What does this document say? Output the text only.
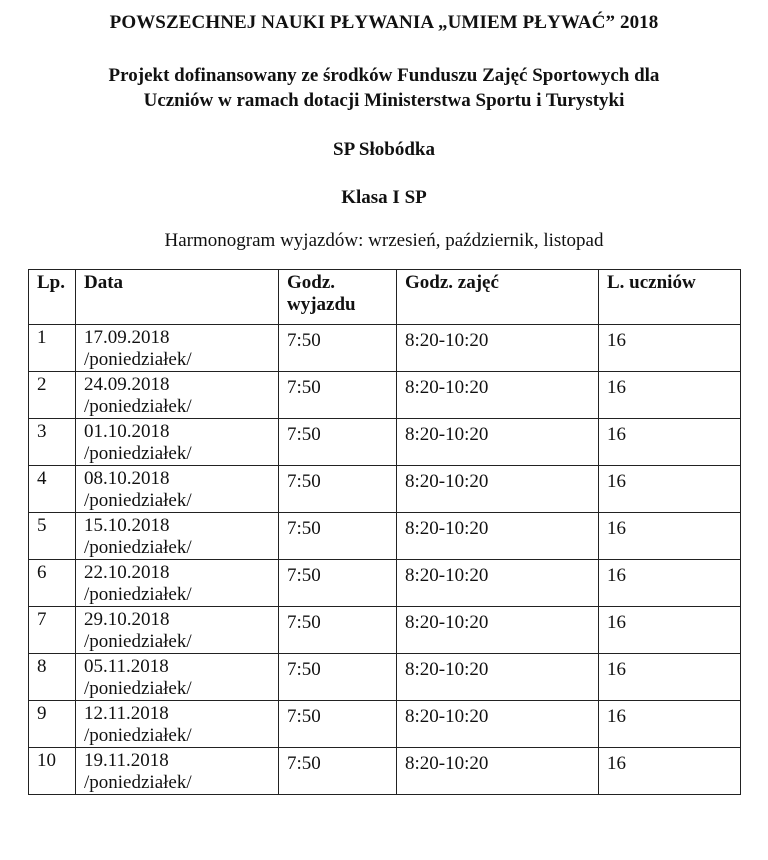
POWSZECHNEJ NAUKI PŁYWANIA „UMIEM PŁYWAĆ” 2018
Projekt dofinansowany ze środków Funduszu Zajęć Sportowych dla
Uczniów w ramach dotacji Ministerstwa Sportu i Turystyki
SP Słobódka
Klasa I SP
Harmonogram wyjazdów: wrzesień, październik, listopad
Lp.	Data	Godz. wyjazdu	Godz. zajęć	L. uczniów
1	17.09.2018 /poniedziałek/	7:50	8:20-10:20	16

2	24.09.2018 /poniedziałek/	7:50	8:20-10:20	16

3	01.10.2018 /poniedziałek/	7:50	8:20-10:20	16

4	08.10.2018 /poniedziałek/	7:50	8:20-10:20	16

5	15.10.2018 /poniedziałek/	7:50	8:20-10:20	16

6	22.10.2018 /poniedziałek/	7:50	8:20-10:20	16

7	29.10.2018 /poniedziałek/	7:50	8:20-10:20	16

8	05.11.2018 /poniedziałek/	7:50	8:20-10:20	16

9	12.11.2018 /poniedziałek/	7:50	8:20-10:20	16

10	19.11.2018 /poniedziałek/	7:50	8:20-10:20	16
